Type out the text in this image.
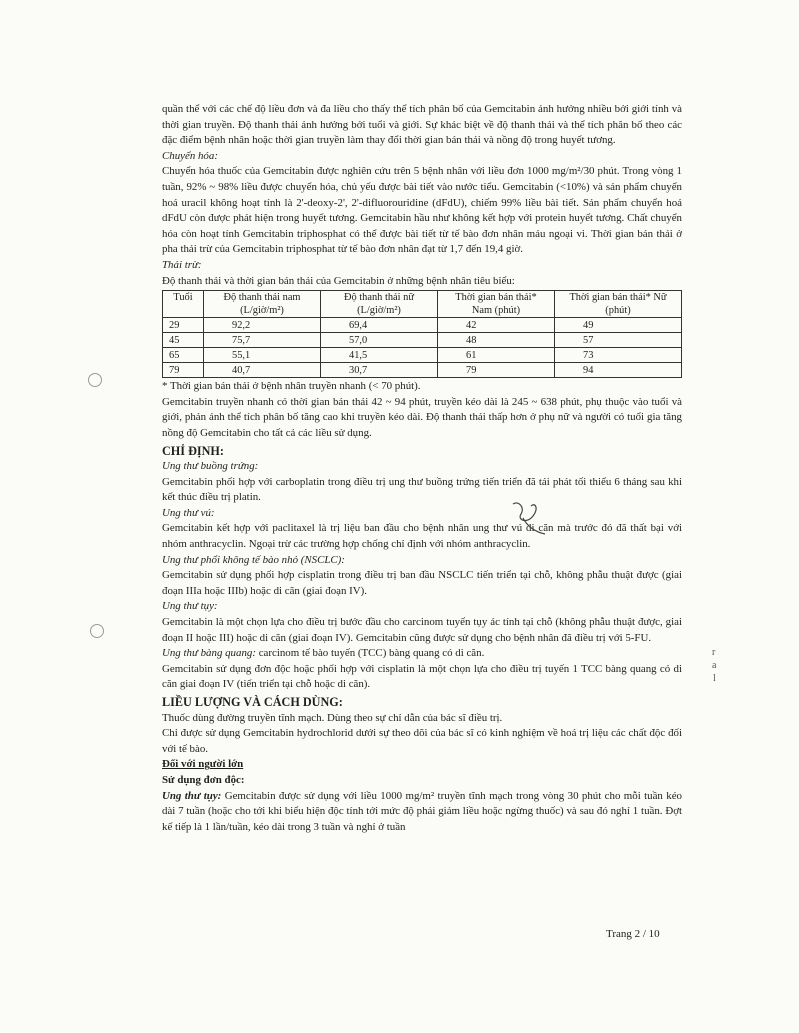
quần thể với các chế độ liều đơn và đa liều cho thấy thể tích phân bố của Gemcitabin ảnh hưởng nhiều bởi giới tính và thời gian truyền. Độ thanh thải ảnh hưởng bởi tuổi và giới. Sự khác biệt về độ thanh thải và thể tích phân bố theo các đặc điểm bệnh nhân hoặc thời gian truyền làm thay đổi thời gian bán thải và nồng độ trong huyết tương.

Chuyển hóa:

Chuyển hóa thuốc của Gemcitabin được nghiên cứu trên 5 bệnh nhân với liều đơn 1000 mg/m²/30 phút. Trong vòng 1 tuần, 92% ~ 98% liều được chuyển hóa, chủ yếu được bài tiết vào nước tiểu. Gemcitabin (<10%) và sản phẩm chuyển hoá uracil không hoạt tính là 2'-deoxy-2', 2'-difluorouridine (dFdU), chiếm 99% liều bài tiết. Sản phẩm chuyển hoá dFdU còn được phát hiện trong huyết tương. Gemcitabin hầu như không kết hợp với protein huyết tương. Chất chuyển hóa còn hoạt tính Gemcitabin triphosphat có thể được bài tiết từ tế bào đơn nhân máu ngoại vi. Thời gian bán thải ở pha thải trừ của Gemcitabin triphosphat từ tế bào đơn nhân đạt từ 1,7 đến 19,4 giờ.

Thải trừ:

Độ thanh thải và thời gian bán thải của Gemcitabin ở những bệnh nhân tiêu biểu:

Tuổi	Độ thanh thải nam (L/giờ/m²)	Độ thanh thải nữ (L/giờ/m²)	Thời gian bán thải* Nam (phút)	Thời gian bán thải* Nữ (phút)
29	92,2	69,4	42	49
45	75,7	57,0	48	57
65	55,1	41,5	61	73
79	40,7	30,7	79	94

* Thời gian bán thải ở bệnh nhân truyền nhanh (< 70 phút).

Gemcitabin truyền nhanh có thời gian bán thải 42 ~ 94 phút, truyền kéo dài là 245 ~ 638 phút, phụ thuộc vào tuổi và giới, phản ánh thể tích phân bố tăng cao khi truyền kéo dài. Độ thanh thải thấp hơn ở phụ nữ và người có tuổi gia tăng nồng độ Gemcitabin cho tất cả các liều sử dụng.

CHỈ ĐỊNH:

Ung thư buồng trứng:

Gemcitabin phối hợp với carboplatin trong điều trị ung thư buồng trứng tiến triển đã tái phát tối thiểu 6 tháng sau khi kết thúc điều trị platin.

Ung thư vú:

Gemcitabin kết hợp với paclitaxel là trị liệu ban đầu cho bệnh nhân ung thư vú di căn mà trước đó đã thất bại với nhóm anthracyclin. Ngoại trừ các trường hợp chống chỉ định với nhóm anthracyclin.

Ung thư phổi không tế bào nhỏ (NSCLC):

Gemcitabin sử dụng phối hợp cisplatin trong điều trị ban đầu NSCLC tiến triển tại chỗ, không phẫu thuật được (giai đoạn IIIa hoặc IIIb) hoặc di căn (giai đoạn IV).

Ung thư tụy:

Gemcitabin là một chọn lựa cho điều trị bước đầu cho carcinom tuyến tụy ác tính tại chỗ (không phẫu thuật được, giai đoạn II hoặc III) hoặc di căn (giai đoạn IV). Gemcitabin cũng được sử dụng cho bệnh nhân đã điều trị với 5-FU.

Ung thư bàng quang: carcinom tế bào tuyến (TCC) bàng quang có di căn.

Gemcitabin sử dụng đơn độc hoặc phối hợp với cisplatin là một chọn lựa cho điều trị tuyến 1 TCC bàng quang có di căn giai đoạn IV (tiến triển tại chỗ hoặc di căn).

LIỀU LƯỢNG VÀ CÁCH DÙNG:

Thuốc dùng đường truyền tĩnh mạch. Dùng theo sự chỉ dẫn của bác sĩ điều trị.

Chỉ được sử dụng Gemcitabin hydrochlorid dưới sự theo dõi của bác sĩ có kinh nghiệm về hoá trị liệu các chất độc đối với tế bào.

Đối với người lớn

Sử dụng đơn độc:

Ung thư tụy: Gemcitabin được sử dụng với liều 1000 mg/m² truyền tĩnh mạch trong vòng 30 phút cho mỗi tuần kéo dài 7 tuần (hoặc cho tới khi biểu hiện độc tính tới mức độ phải giảm liều hoặc ngừng thuốc) và sau đó nghỉ 1 tuần. Đợt kế tiếp là 1 lần/tuần, kéo dài trong 3 tuần và nghỉ ở tuần

r
a
l
Trang 2 / 10
